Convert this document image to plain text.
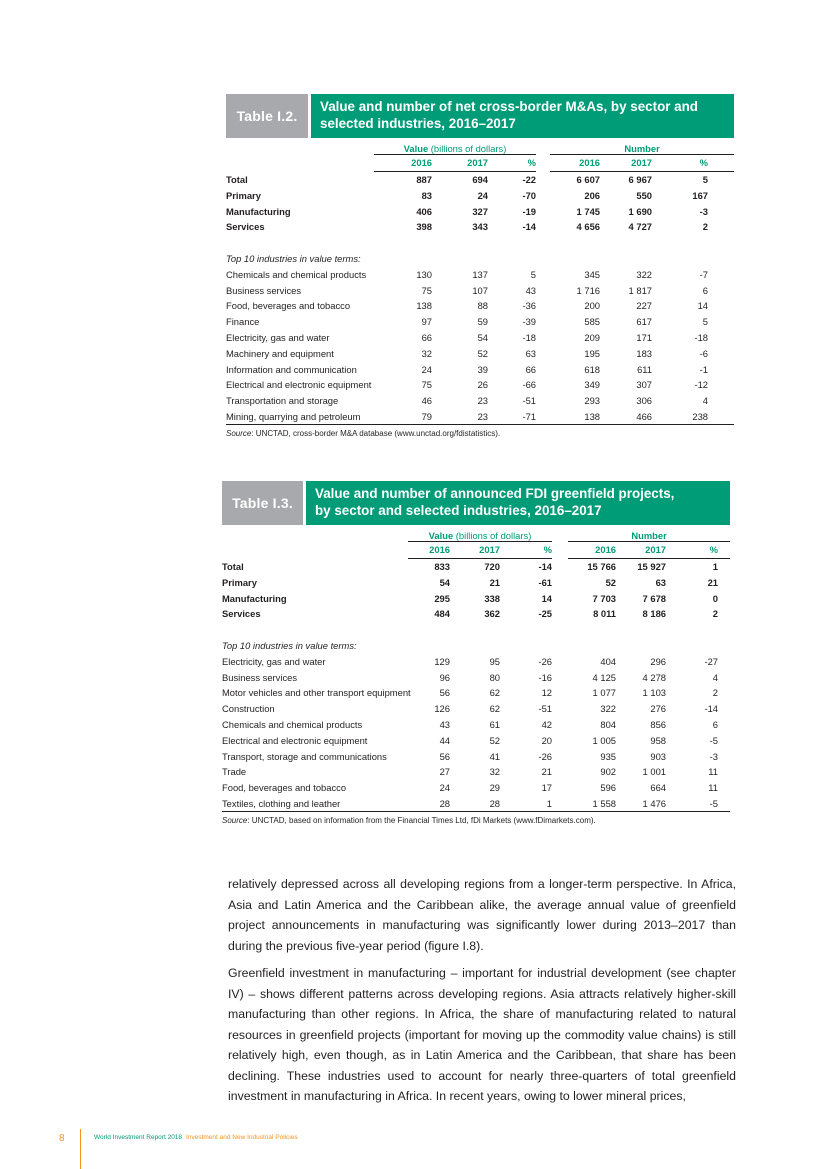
Table I.2.
Value and number of net cross-border M&As, by sector and
selected industries, 2016–2017
	Value (billions of dollars)				Number			
	2016	2017	%		2016	2017	%	
Total	887	694	-22		6 607	6 967	5	
Primary	83	24	-70		206	550	167	
Manufacturing	406	327	-19		1 745	1 690	-3	
Services	398	343	-14		4 656	4 727	2	

Top 10 industries in value terms:								
Chemicals and chemical products	130	137	5		345	322	-7	
Business services	75	107	43		1 716	1 817	6	
Food, beverages and tobacco	138	88	-36		200	227	14	
Finance	97	59	-39		585	617	5	
Electricity, gas and water	66	54	-18		209	171	-18	
Machinery and equipment	32	52	63		195	183	-6	
Information and communication	24	39	66		618	611	-1	
Electrical and electronic equipment	75	26	-66		349	307	-12	
Transportation and storage	46	23	-51		293	306	4	
Mining, quarrying and petroleum	79	23	-71		138	466	238	
Source: UNCTAD, cross-border M&A database (www.unctad.org/fdistatistics).
Table I.3.
Value and number of announced FDI greenfield projects,
by sector and selected industries, 2016–2017
	Value (billions of dollars)				Number			
	2016	2017	%		2016	2017	%	
Total	833	720	-14		15 766	15 927	1	
Primary	54	21	-61		52	63	21	
Manufacturing	295	338	14		7 703	7 678	0	
Services	484	362	-25		8 011	8 186	2	

Top 10 industries in value terms:								
Electricity, gas and water	129	95	-26		404	296	-27	
Business services	96	80	-16		4 125	4 278	4	
Motor vehicles and other transport equipment	56	62	12		1 077	1 103	2	
Construction	126	62	-51		322	276	-14	
Chemicals and chemical products	43	61	42		804	856	6	
Electrical and electronic equipment	44	52	20		1 005	958	-5	
Transport, storage and communications	56	41	-26		935	903	-3	
Trade	27	32	21		902	1 001	11	
Food, beverages and tobacco	24	29	17		596	664	11	
Textiles, clothing and leather	28	28	1		1 558	1 476	-5	
Source: UNCTAD, based on information from the Financial Times Ltd, fDi Markets (www.fDimarkets.com).

relatively depressed across all developing regions from a longer-term perspective. In Africa, Asia and Latin America and the Caribbean alike, the average annual value of greenfield project announcements in manufacturing was significantly lower during 2013–2017 than during the previous five-year period (figure I.8).

Greenfield investment in manufacturing – important for industrial development (see chapter IV) – shows different patterns across developing regions. Asia attracts relatively higher-skill manufacturing than other regions. In Africa, the share of manufacturing related to natural resources in greenfield projects (important for moving up the commodity value chains) is still relatively high, even though, as in Latin America and the Caribbean, that share has been declining. These industries used to account for nearly three-quarters of total greenfield investment in manufacturing in Africa. In recent years, owing to lower mineral prices,

8	World Investment Report 2018 Investment and New Industrial Policies
